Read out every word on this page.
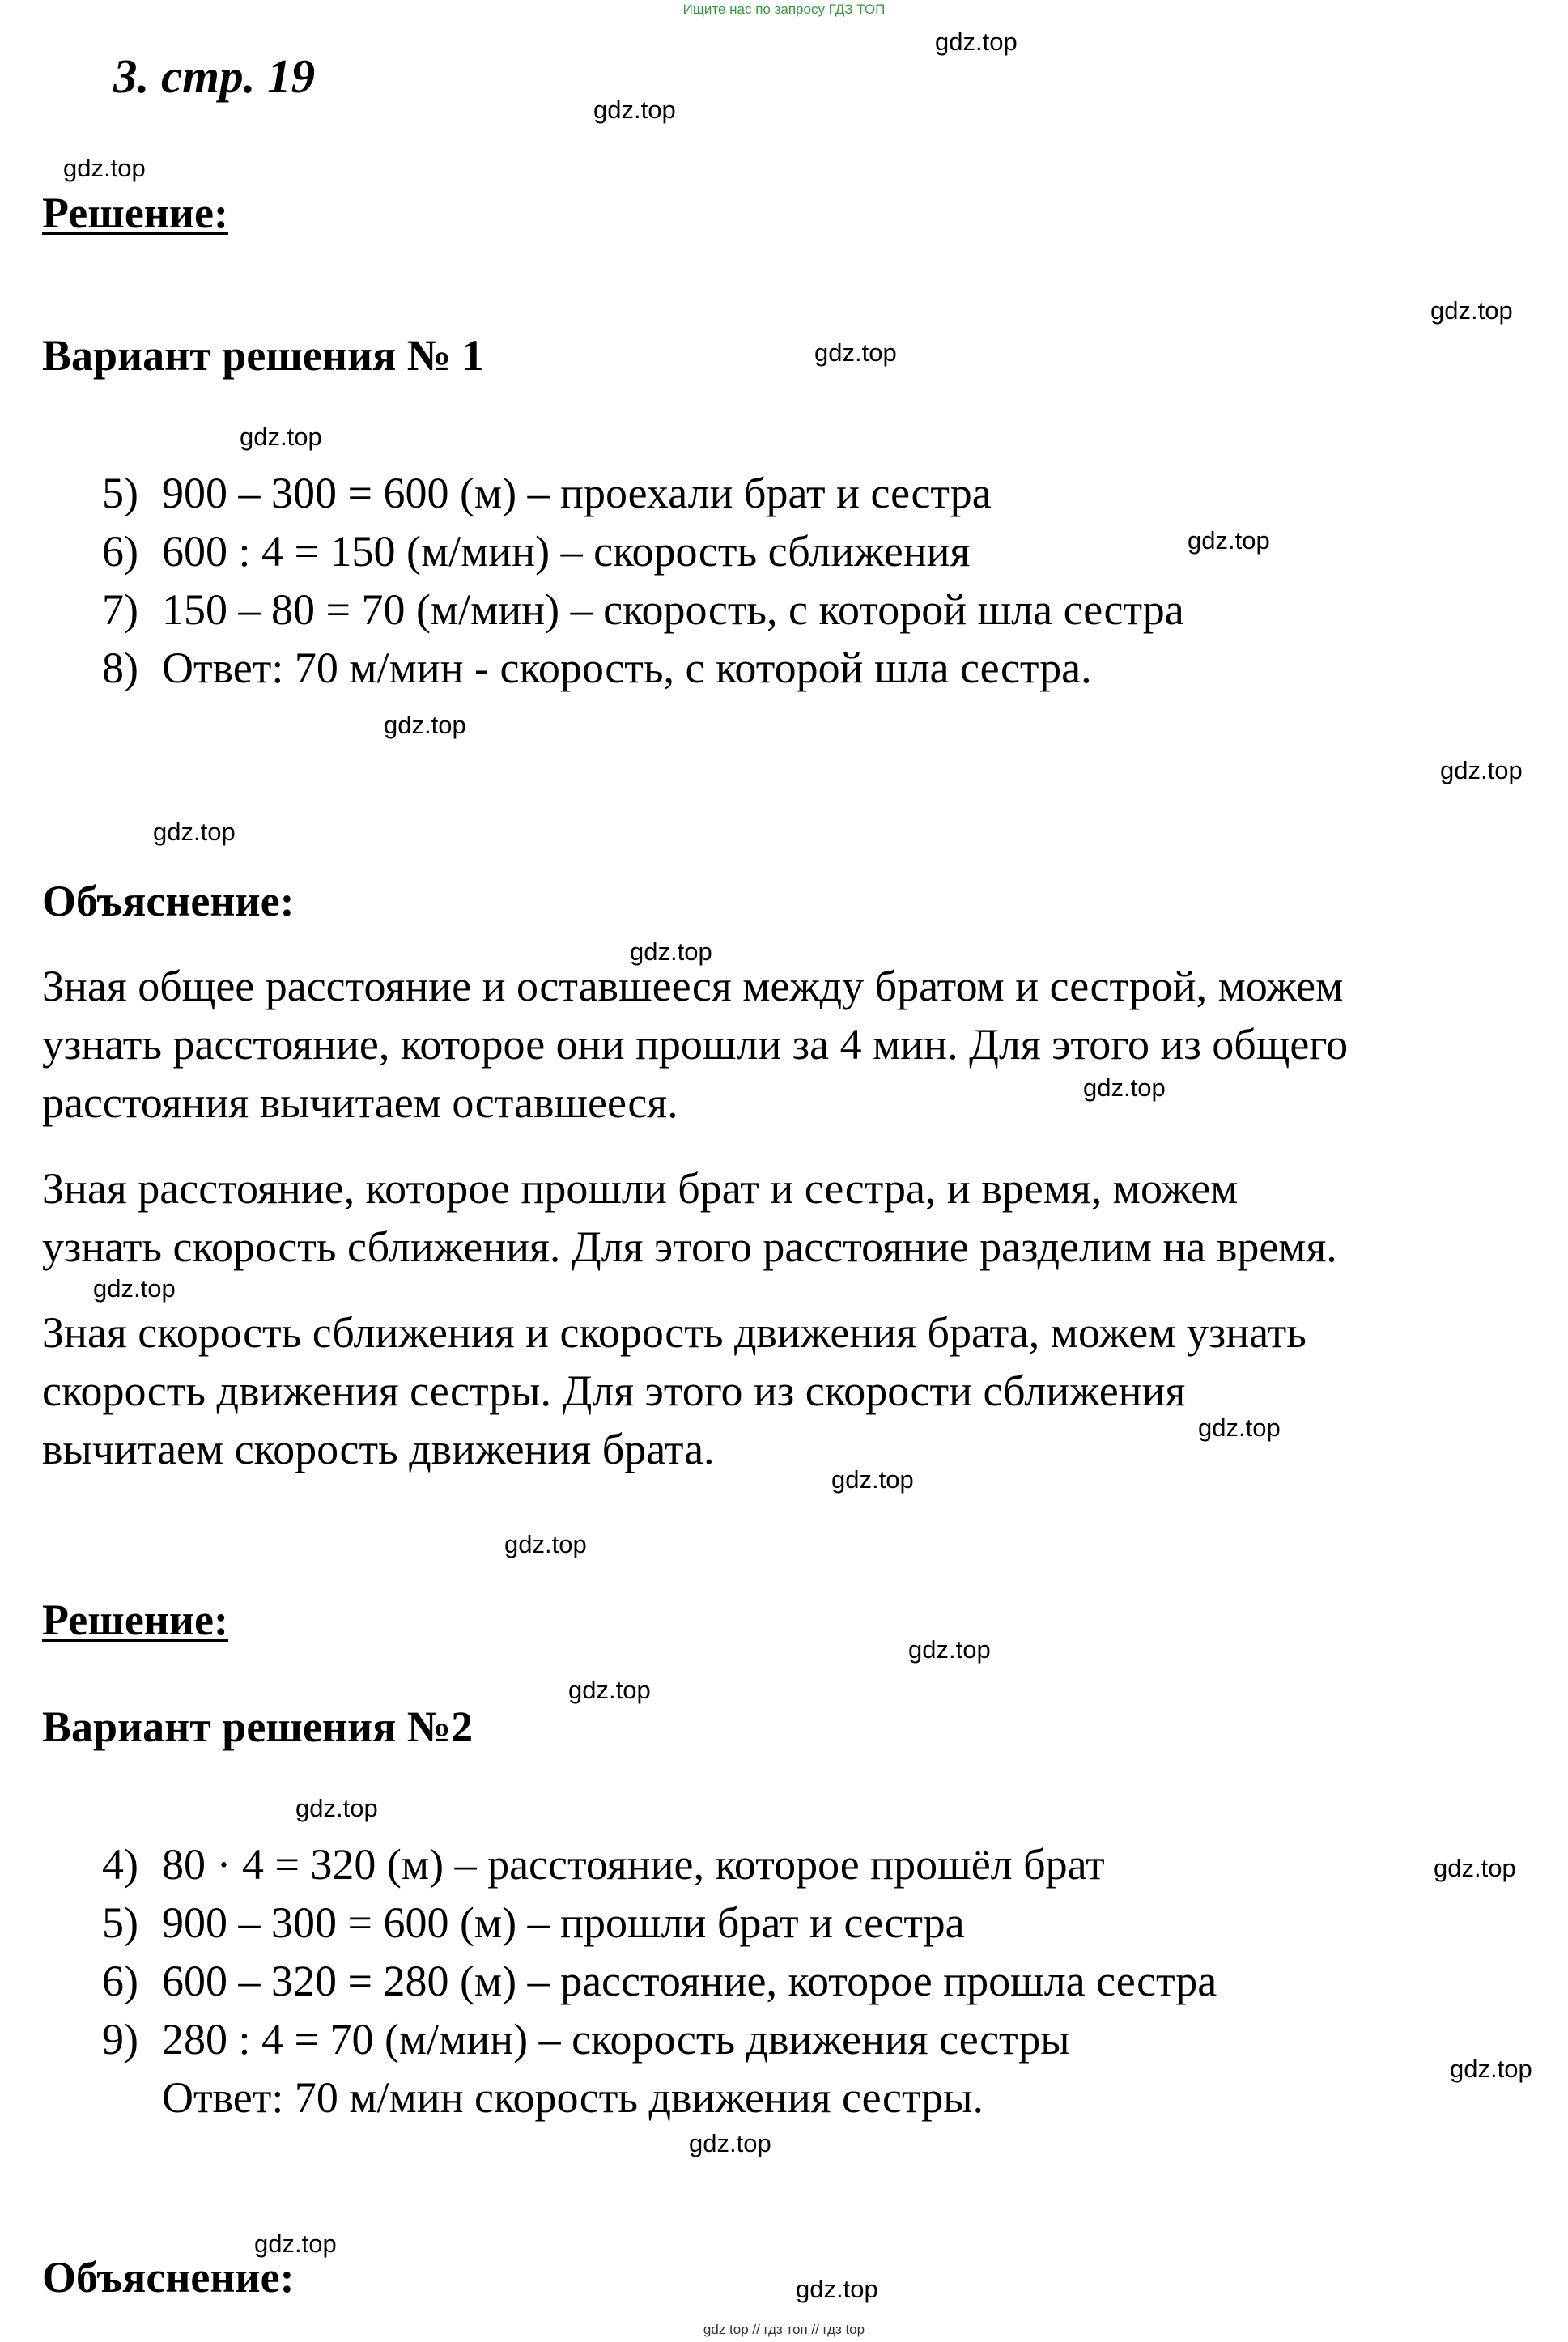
Ищите нас по запросу ГДЗ ТОП
3. стр. 19
Решение:
Вариант решения № 1
5) 900 – 300 = 600 (м) – проехали брат и сестра
6) 600 : 4 = 150 (м/мин) – скорость сближения
7) 150 – 80 = 70 (м/мин) – скорость, с которой шла сестра
8) Ответ: 70 м/мин - скорость, с которой шла сестра.
Объяснение:
Зная общее расстояние и оставшееся между братом и сестрой, можем
узнать расстояние, которое они прошли за 4 мин. Для этого из общего
расстояния вычитаем оставшееся.
Зная расстояние, которое прошли брат и сестра, и время, можем
узнать скорость сближения. Для этого расстояние разделим на время.
Зная скорость сближения и скорость движения брата, можем узнать
скорость движения сестры. Для этого из скорости сближения
вычитаем скорость движения брата.
Решение:
Вариант решения №2
4) 80 · 4 = 320 (м) – расстояние, которое прошёл брат
5) 900 – 300 = 600 (м) – прошли брат и сестра
6) 600 – 320 = 280 (м) – расстояние, которое прошла сестра
9) 280 : 4 = 70 (м/мин) – скорость движения сестры
Ответ: 70 м/мин скорость движения сестры.
Объяснение:
gdz.top
gdz.top
gdz.top
gdz.top
gdz.top
gdz.top
gdz.top
gdz.top
gdz.top
gdz.top
gdz.top
gdz.top
gdz.top
gdz.top
gdz.top
gdz.top
gdz.top
gdz.top
gdz.top
gdz.top
gdz.top
gdz.top
gdz.top
gdz.top
gdz top // гдз топ // гдз top
